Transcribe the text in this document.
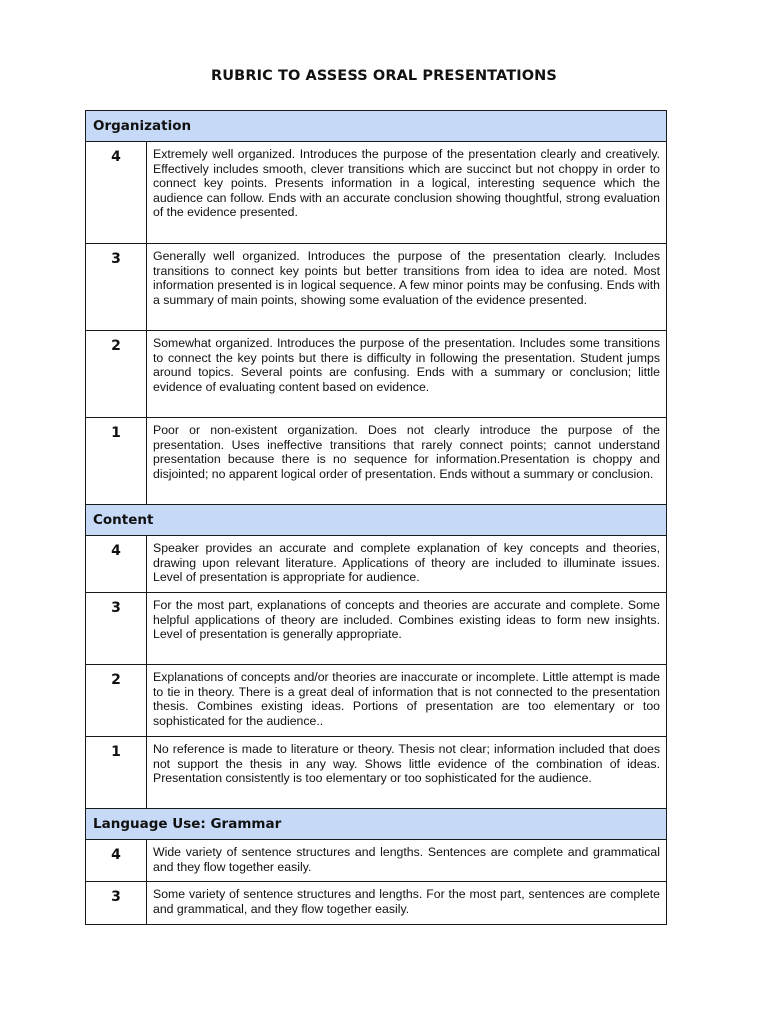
RUBRIC TO ASSESS ORAL PRESENTATIONS
Organization	
4	Extremely well organized. Introduces the purpose of the presentation clearly and creatively. Effectively includes smooth, clever transitions which are succinct but not choppy in order to connect key points. Presents information in a logical, interesting sequence which the audience can follow. Ends with an accurate conclusion showing thoughtful, strong evaluation of the evidence presented.
3	Generally well organized. Introduces the purpose of the presentation clearly. Includes transitions to connect key points but better transitions from idea to idea are noted. Most information presented is in logical sequence. A few minor points may be confusing. Ends with a summary of main points, showing some evaluation of the evidence presented.
2	Somewhat organized. Introduces the purpose of the presentation. Includes some transitions to connect the key points but there is difficulty in following the presentation. Student jumps around topics. Several points are confusing. Ends with a summary or conclusion; little evidence of evaluating content based on evidence.
1	Poor or non-existent organization. Does not clearly introduce the purpose of the presentation. Uses ineffective transitions that rarely connect points; cannot understand presentation because there is no sequence for information.Presentation is choppy and disjointed; no apparent logical order of presentation. Ends without a summary or conclusion.
Content	
4	Speaker provides an accurate and complete explanation of key concepts and theories, drawing upon relevant literature. Applications of theory are included to illuminate issues. Level of presentation is appropriate for audience.
3	For the most part, explanations of concepts and theories are accurate and complete. Some helpful applications of theory are included. Combines existing ideas to form new insights. Level of presentation is generally appropriate.
2	Explanations of concepts and/or theories are inaccurate or incomplete. Little attempt is made to tie in theory. There is a great deal of information that is not connected to the presentation thesis. Combines existing ideas. Portions of presentation are too elementary or too sophisticated for the audience..
1	No reference is made to literature or theory. Thesis not clear; information included that does not support the thesis in any way. Shows little evidence of the combination of ideas. Presentation consistently is too elementary or too sophisticated for the audience.
Language Use: Grammar	
4	Wide variety of sentence structures and lengths. Sentences are complete and grammatical and they flow together easily.
3	Some variety of sentence structures and lengths. For the most part, sentences are complete and grammatical, and they flow together easily.
